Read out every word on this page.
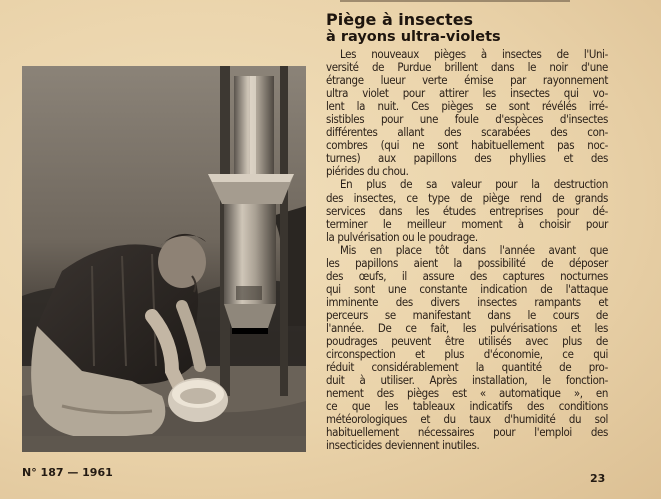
Piège à insectes
à rayons ultra-violets
Les nouveaux pièges à insectes de l'Uni-
versité de Purdue brillent dans le noir d'une
étrange lueur verte émise par rayonnement
ultra violet pour attirer les insectes qui vo-
lent la nuit. Ces pièges se sont révélés irré-
sistibles pour une foule d'espèces d'insectes
différentes allant des scarabées des con-
combres (qui ne sont habituellement pas noc-
turnes) aux papillons des phyllies et des
piérides du chou.
En plus de sa valeur pour la destruction
des insectes, ce type de piège rend de grands
services dans les études entreprises pour dé-
terminer le meilleur moment à choisir pour
la pulvérisation ou le poudrage.
Mis en place tôt dans l'année avant que
les papillons aient la possibilité de déposer
des œufs, il assure des captures nocturnes
qui sont une constante indication de l'attaque
imminente des divers insectes rampants et
perceurs se manifestant dans le cours de
l'année. De ce fait, les pulvérisations et les
poudrages peuvent être utilisés avec plus de
circonspection et plus d'économie, ce qui
réduit considérablement la quantité de pro-
duit à utiliser. Après installation, le fonction-
nement des pièges est « automatique », en
ce que les tableaux indicatifs des conditions
météorologiques et du taux d'humidité du sol
habituellement nécessaires pour l'emploi des
insecticides deviennent inutiles.
N° 187 — 1961	23
